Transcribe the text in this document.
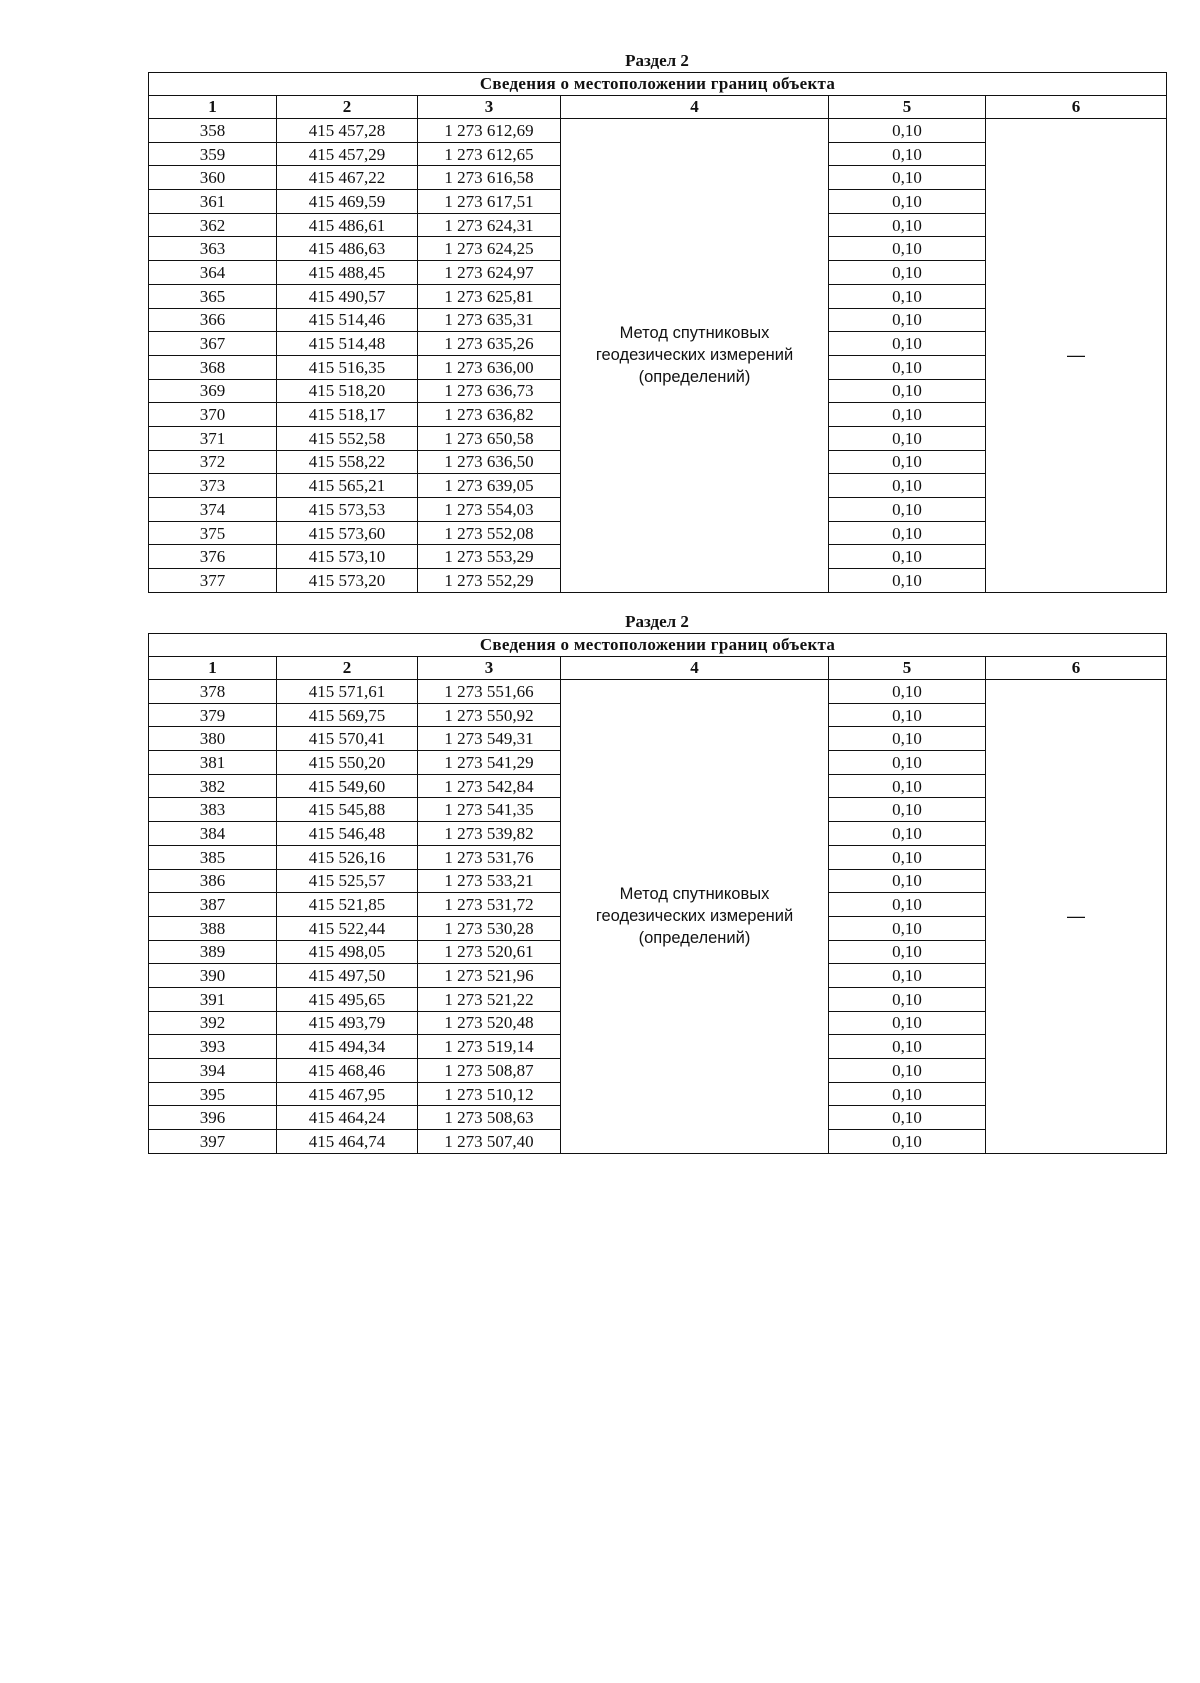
Раздел 2
Сведения о местоположении границ объекта					
1	2	3	4	5	6
358	415 457,28	1 273 612,69	Метод спутниковых
геодезических измерений
(определений)	0,10	—
359	415 457,29	1 273 612,65		0,10	
360	415 467,22	1 273 616,58		0,10	
361	415 469,59	1 273 617,51		0,10	
362	415 486,61	1 273 624,31		0,10	
363	415 486,63	1 273 624,25		0,10	
364	415 488,45	1 273 624,97		0,10	
365	415 490,57	1 273 625,81		0,10	
366	415 514,46	1 273 635,31		0,10	
367	415 514,48	1 273 635,26		0,10	
368	415 516,35	1 273 636,00		0,10	
369	415 518,20	1 273 636,73		0,10	
370	415 518,17	1 273 636,82		0,10	
371	415 552,58	1 273 650,58		0,10	
372	415 558,22	1 273 636,50		0,10	
373	415 565,21	1 273 639,05		0,10	
374	415 573,53	1 273 554,03		0,10	
375	415 573,60	1 273 552,08		0,10	
376	415 573,10	1 273 553,29		0,10	
377	415 573,20	1 273 552,29		0,10	
Раздел 2
Сведения о местоположении границ объекта					
1	2	3	4	5	6
378	415 571,61	1 273 551,66	Метод спутниковых
геодезических измерений
(определений)	0,10	—
379	415 569,75	1 273 550,92		0,10	
380	415 570,41	1 273 549,31		0,10	
381	415 550,20	1 273 541,29		0,10	
382	415 549,60	1 273 542,84		0,10	
383	415 545,88	1 273 541,35		0,10	
384	415 546,48	1 273 539,82		0,10	
385	415 526,16	1 273 531,76		0,10	
386	415 525,57	1 273 533,21		0,10	
387	415 521,85	1 273 531,72		0,10	
388	415 522,44	1 273 530,28		0,10	
389	415 498,05	1 273 520,61		0,10	
390	415 497,50	1 273 521,96		0,10	
391	415 495,65	1 273 521,22		0,10	
392	415 493,79	1 273 520,48		0,10	
393	415 494,34	1 273 519,14		0,10	
394	415 468,46	1 273 508,87		0,10	
395	415 467,95	1 273 510,12		0,10	
396	415 464,24	1 273 508,63		0,10	
397	415 464,74	1 273 507,40		0,10	
